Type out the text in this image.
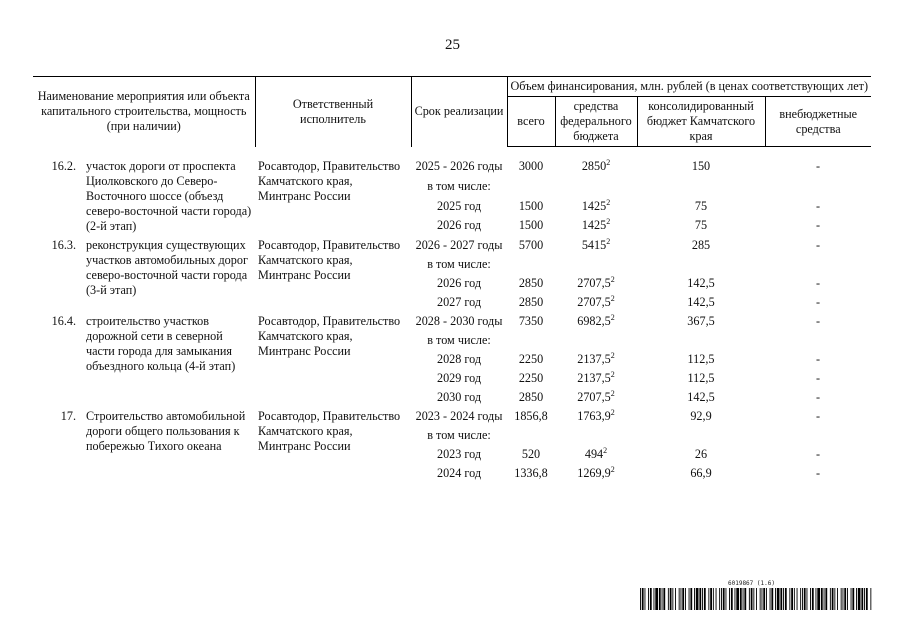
25
Наименование мероприятия или объекта капитального строительства, мощность (при наличии)	Ответственный исполнитель	Срок реализации	Объем финансирования, млн. рублей (в ценах соответствующих лет)			
			всего	средства федерального бюджета	консолидированный бюджет Камчатского края	внебюджетные средства

16.2. участок дороги от проспекта Циолковского до Северо-Восточного шоссе (объезд северо-восточной части города) (2-й этап)	Росавтодор, Правительство Камчатского края, Минтранс России	2025 - 2026 годы	3000	2850$^2$	150	-
		в том числе:				
		2025 год	1500	1425$^2$	75	-
		2026 год	1500	1425$^2$	75	-

16.3. реконструкция существующих участков автомобильных дорог северо-восточной части города (3-й этап)	Росавтодор, Правительство Камчатского края, Минтранс России	2026 - 2027 годы	5700	5415$^2$	285	-
		в том числе:				
		2026 год	2850	2707,5$^2$	142,5	-
		2027 год	2850	2707,5$^2$	142,5	-

16.4. строительство участков дорожной сети в северной части города для замыкания объездного кольца (4-й этап)	Росавтодор, Правительство Камчатского края, Минтранс России	2028 - 2030 годы	7350	6982,5$^2$	367,5	-
		в том числе:				
		2028 год	2250	2137,5$^2$	112,5	-
		2029 год	2250	2137,5$^2$	112,5	-
		2030 год	2850	2707,5$^2$	142,5	-

17. Строительство автомобильной дороги общего пользования к побережью Тихого океана	Росавтодор, Правительство Камчатского края, Минтранс России	2023 - 2024 годы	1856,8	1763,9$^2$	92,9	-
		в том числе:				
		2023 год	520	$494^2$	26	-
		2024 год	1336,8	1269,9$^2$	66,9	-
6019867 (1.6)
